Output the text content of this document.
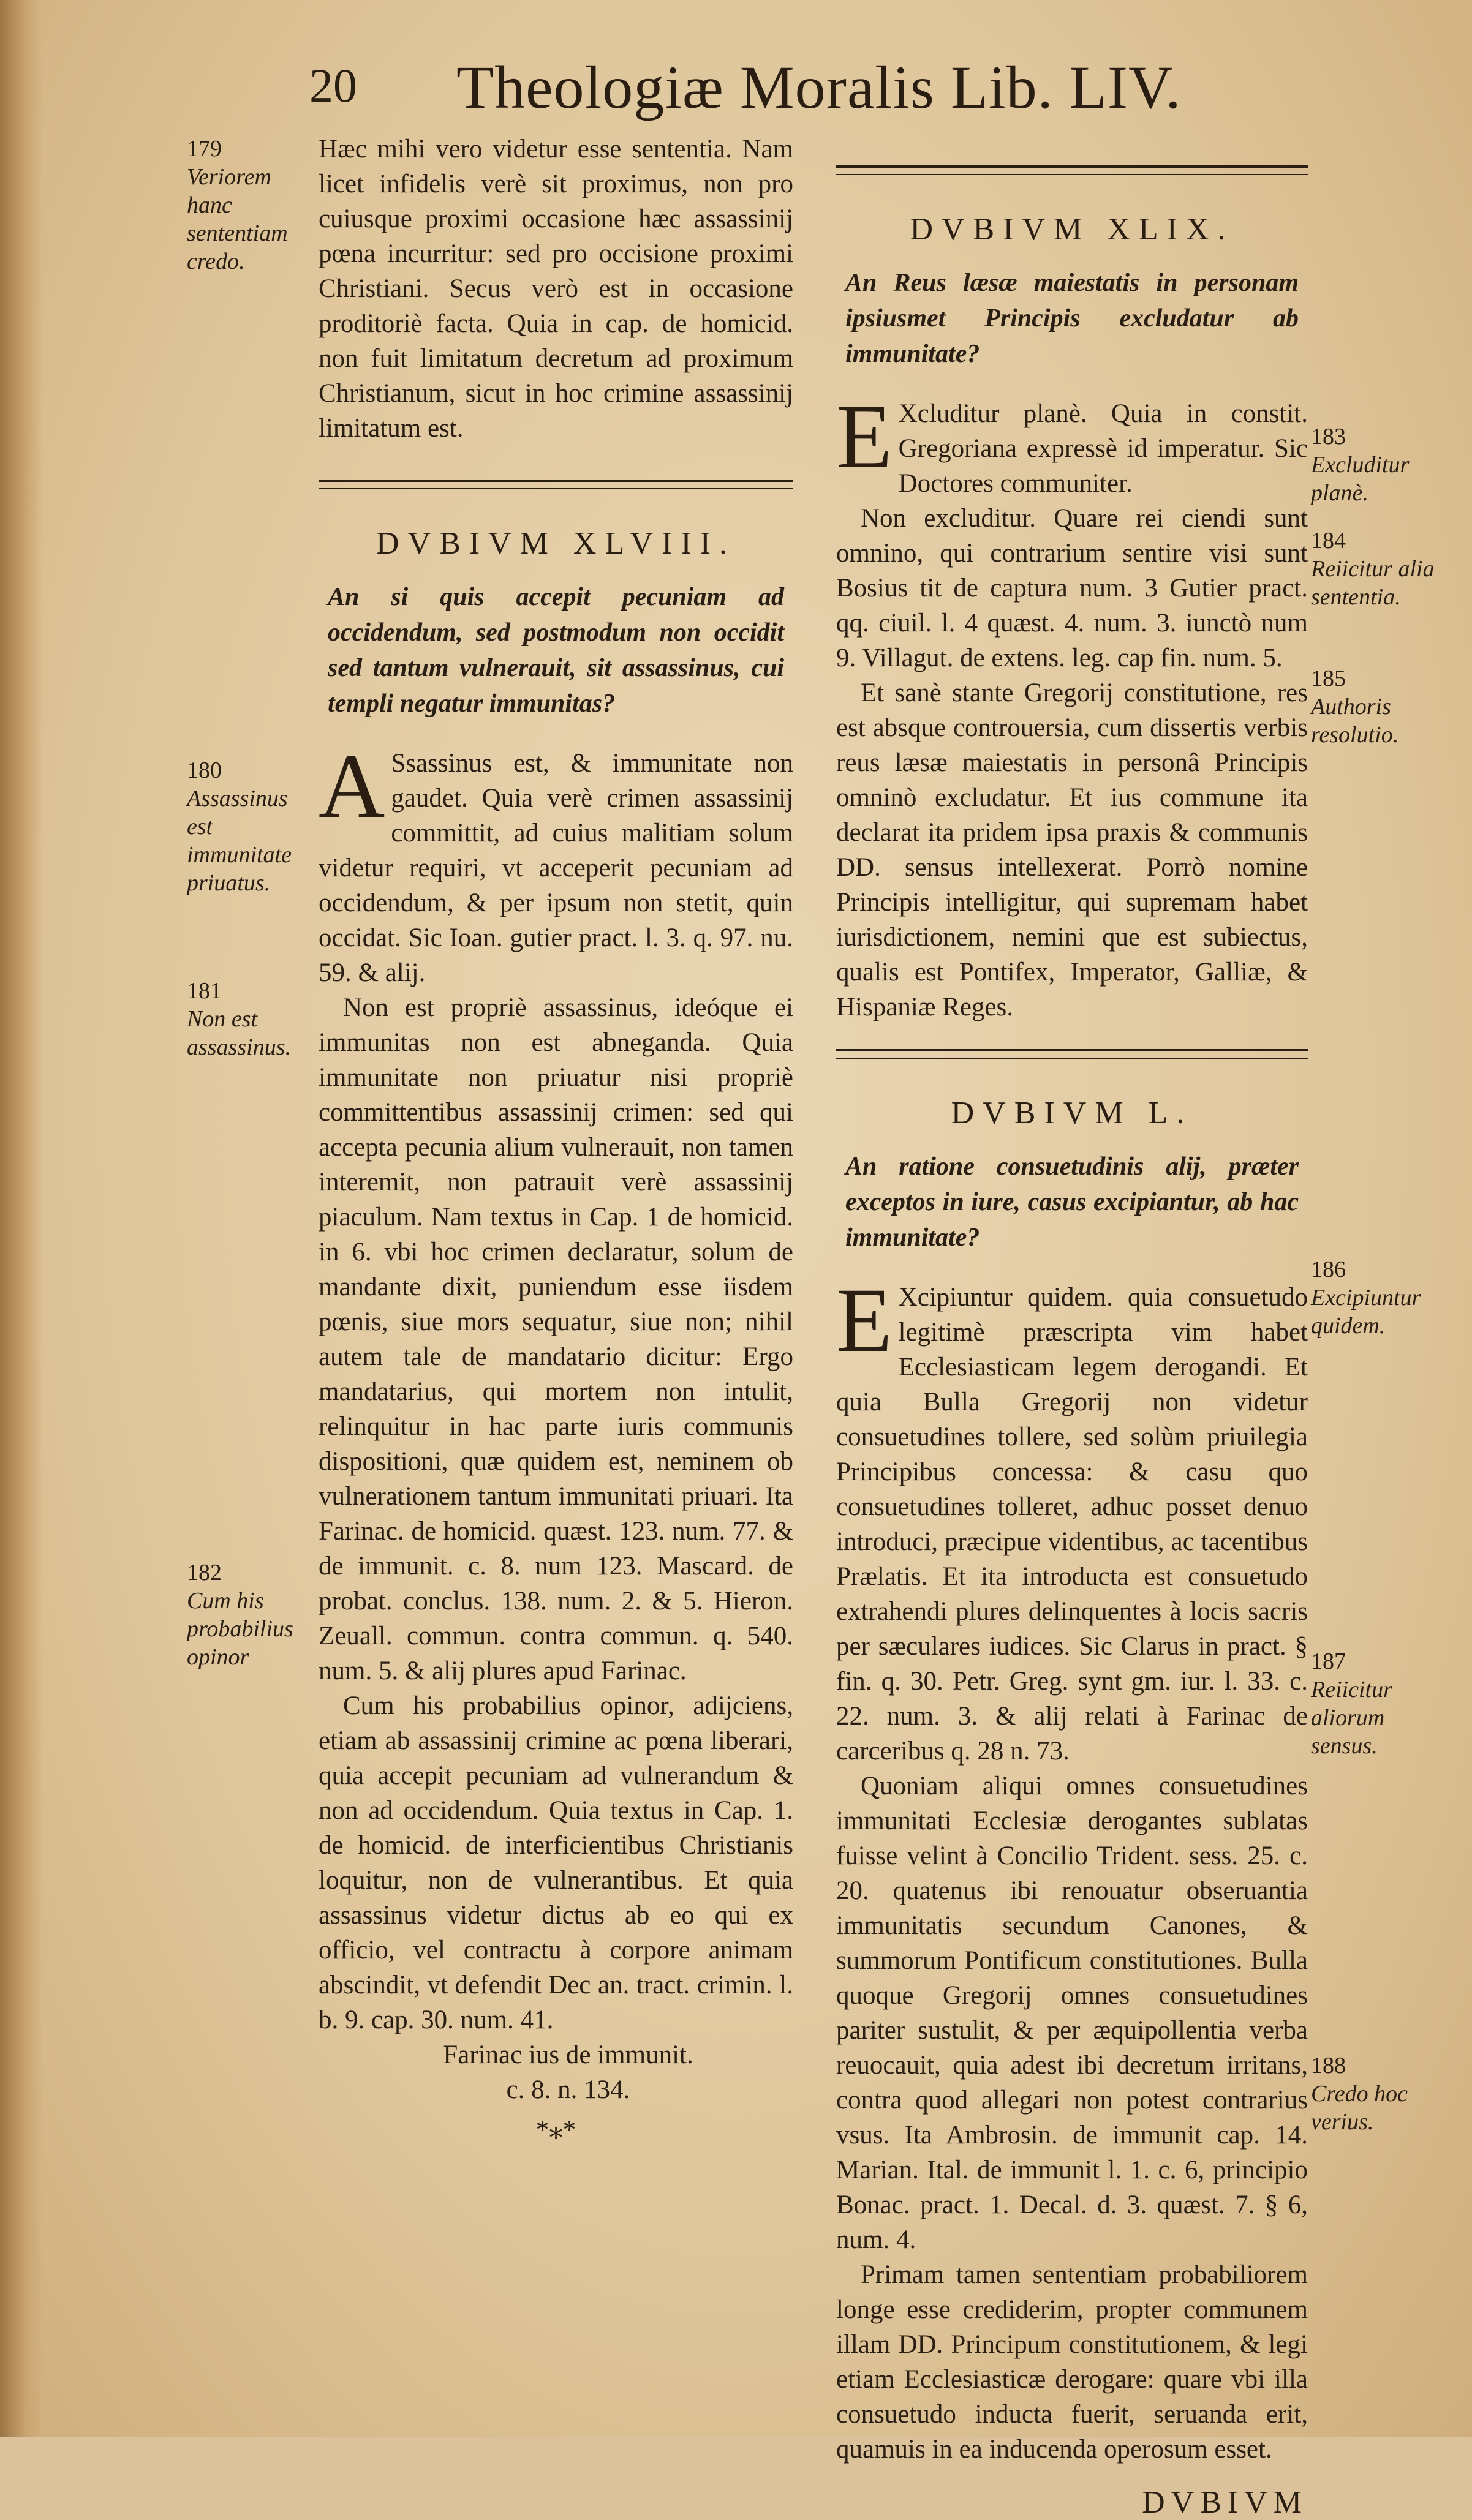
20 Theologiæ Moralis Lib. LIV.

Hæc mihi vero videtur esse sententia. Nam licet infidelis verè sit proximus, non pro cuiusque proximi occasione hæc assassinij pœna incurritur: sed pro occisione proximi Christiani. Secus verò est in occasione proditoriè facta. Quia in cap. de homicid. non fuit limitatum decretum ad proximum Christianum, sicut in hoc crimine assassinij limitatum est.

DVBIVM XLVIII.
An si quis accepit pecuniam ad occidendum, sed postmodum non occidit sed tantum vulnerauit, sit assassinus, cui templi negatur immunitas?

A Ssassinus est, & immunitate non gaudet. Quia verè crimen assassinij committit, ad cuius malitiam solum videtur requiri, vt acceperit pecuniam ad occidendum, & per ipsum non stetit, quin occidat. Sic Ioan. gutier pract. l. 3. q. 97. nu. 59. & alij.

Non est propriè assassinus, ideóque ei immunitas non est abneganda. Quia immunitate non priuatur nisi propriè committentibus assassinij crimen: sed qui accepta pecunia alium vulnerauit, non tamen interemit, non patrauit verè assassinij piaculum. Nam textus in Cap. 1 de homicid. in 6. vbi hoc crimen declaratur, solum de mandante dixit, puniendum esse iisdem pœnis, siue mors sequatur, siue non; nihil autem tale de mandatario dicitur: Ergo mandatarius, qui mortem non intulit, relinquitur in hac parte iuris communis dispositioni, quæ quidem est, neminem ob vulnerationem tantum immunitati priuari. Ita Farinac. de homicid. quæst. 123. num. 77. & de immunit. c. 8. num 123. Mascard. de probat. conclus. 138. num. 2. & 5. Hieron. Zeuall. commun. contra commun. q. 540. num. 5. & alij plures apud Farinac.

Cum his probabilius opinor, adijciens, etiam ab assassinij crimine ac pœna liberari, quia accepit pecuniam ad vulnerandum & non ad occidendum. Quia textus in Cap. 1. de homicid. de interficientibus Christianis loquitur, non de vulnerantibus. Et quia assassinus videtur dictus ab eo qui ex officio, vel contractu à corpore animam abscindit, vt defendit Dec an. tract. crimin. l. b. 9. cap. 30. num. 41.

Farinac ius de immunit.

c. 8. n. 134.

*⁎*
DVBIVM XLIX.
An Reus læsæ maiestatis in personam ipsiusmet Principis excludatur ab immunitate?

E Xcluditur planè. Quia in constit. Gregoriana expressè id imperatur. Sic Doctores communiter.

Non excluditur. Quare rei ciendi sunt omnino, qui contrarium sentire visi sunt Bosius tit de captura num. 3 Gutier pract. qq. ciuil. l. 4 quæst. 4. num. 3. iunctò num 9. Villagut. de extens. leg. cap fin. num. 5.

Et sanè stante Gregorij constitutione, res est absque controuersia, cum dissertis verbis reus læsæ maiestatis in personâ Principis omninò excludatur. Et ius commune ita declarat ita pridem ipsa praxis & communis DD. sensus intellexerat. Porrò nomine Principis intelligitur, qui supremam habet iurisdictionem, nemini que est subiectus, qualis est Pontifex, Imperator, Galliæ, & Hispaniæ Reges.

DVBIVM L.
An ratione consuetudinis alij, præter exceptos in iure, casus excipiantur, ab hac immunitate?

E Xcipiuntur quidem. quia consuetudo legitimè præscripta vim habet Ecclesiasticam legem derogandi. Et quia Bulla Gregorij non videtur consuetudines tollere, sed solùm priuilegia Principibus concessa: & casu quo consuetudines tolleret, adhuc posset denuo introduci, præcipue videntibus, ac tacentibus Prælatis. Et ita introducta est consuetudo extrahendi plures delinquentes à locis sacris per sæculares iudices. Sic Clarus in pract. § fin. q. 30. Petr. Greg. synt gm. iur. l. 33. c. 22. num. 3. & alij relati à Farinac de carceribus q. 28 n. 73.

Quoniam aliqui omnes consuetudines immunitati Ecclesiæ derogantes sublatas fuisse velint à Concilio Trident. sess. 25. c. 20. quatenus ibi renouatur obseruantia immunitatis secundum Canones, & summorum Pontificum constitutiones. Bulla quoque Gregorij omnes consuetudines pariter sustulit, & per æquipollentia verba reuocauit, quia adest ibi decretum irritans, contra quod allegari non potest contrarius vsus. Ita Ambrosin. de immunit cap. 14. Marian. Ital. de immunit l. 1. c. 6, principio Bonac. pract. 1. Decal. d. 3. quæst. 7. § 6, num. 4.

Primam tamen sententiam probabiliorem longe esse crediderim, propter communem illam DD. Principum constitutionem, & legi etiam Ecclesiasticæ derogare: quare vbi illa consuetudo inducta fuerit, seruanda erit, quamuis in ea inducenda operosum esset.

DVBIVM
179
Veriorem hanc sententiam credo.
180
Assassinus est immunitate priuatus.
181
Non est assassinus.
182
Cum his probabilius opinor
183
Excluditur planè.
184
Reiicitur alia sententia.
185
Authoris resolutio.
186
Excipiuntur quidem.
187
Reiicitur aliorum sensus.
188
Credo hoc verius.
